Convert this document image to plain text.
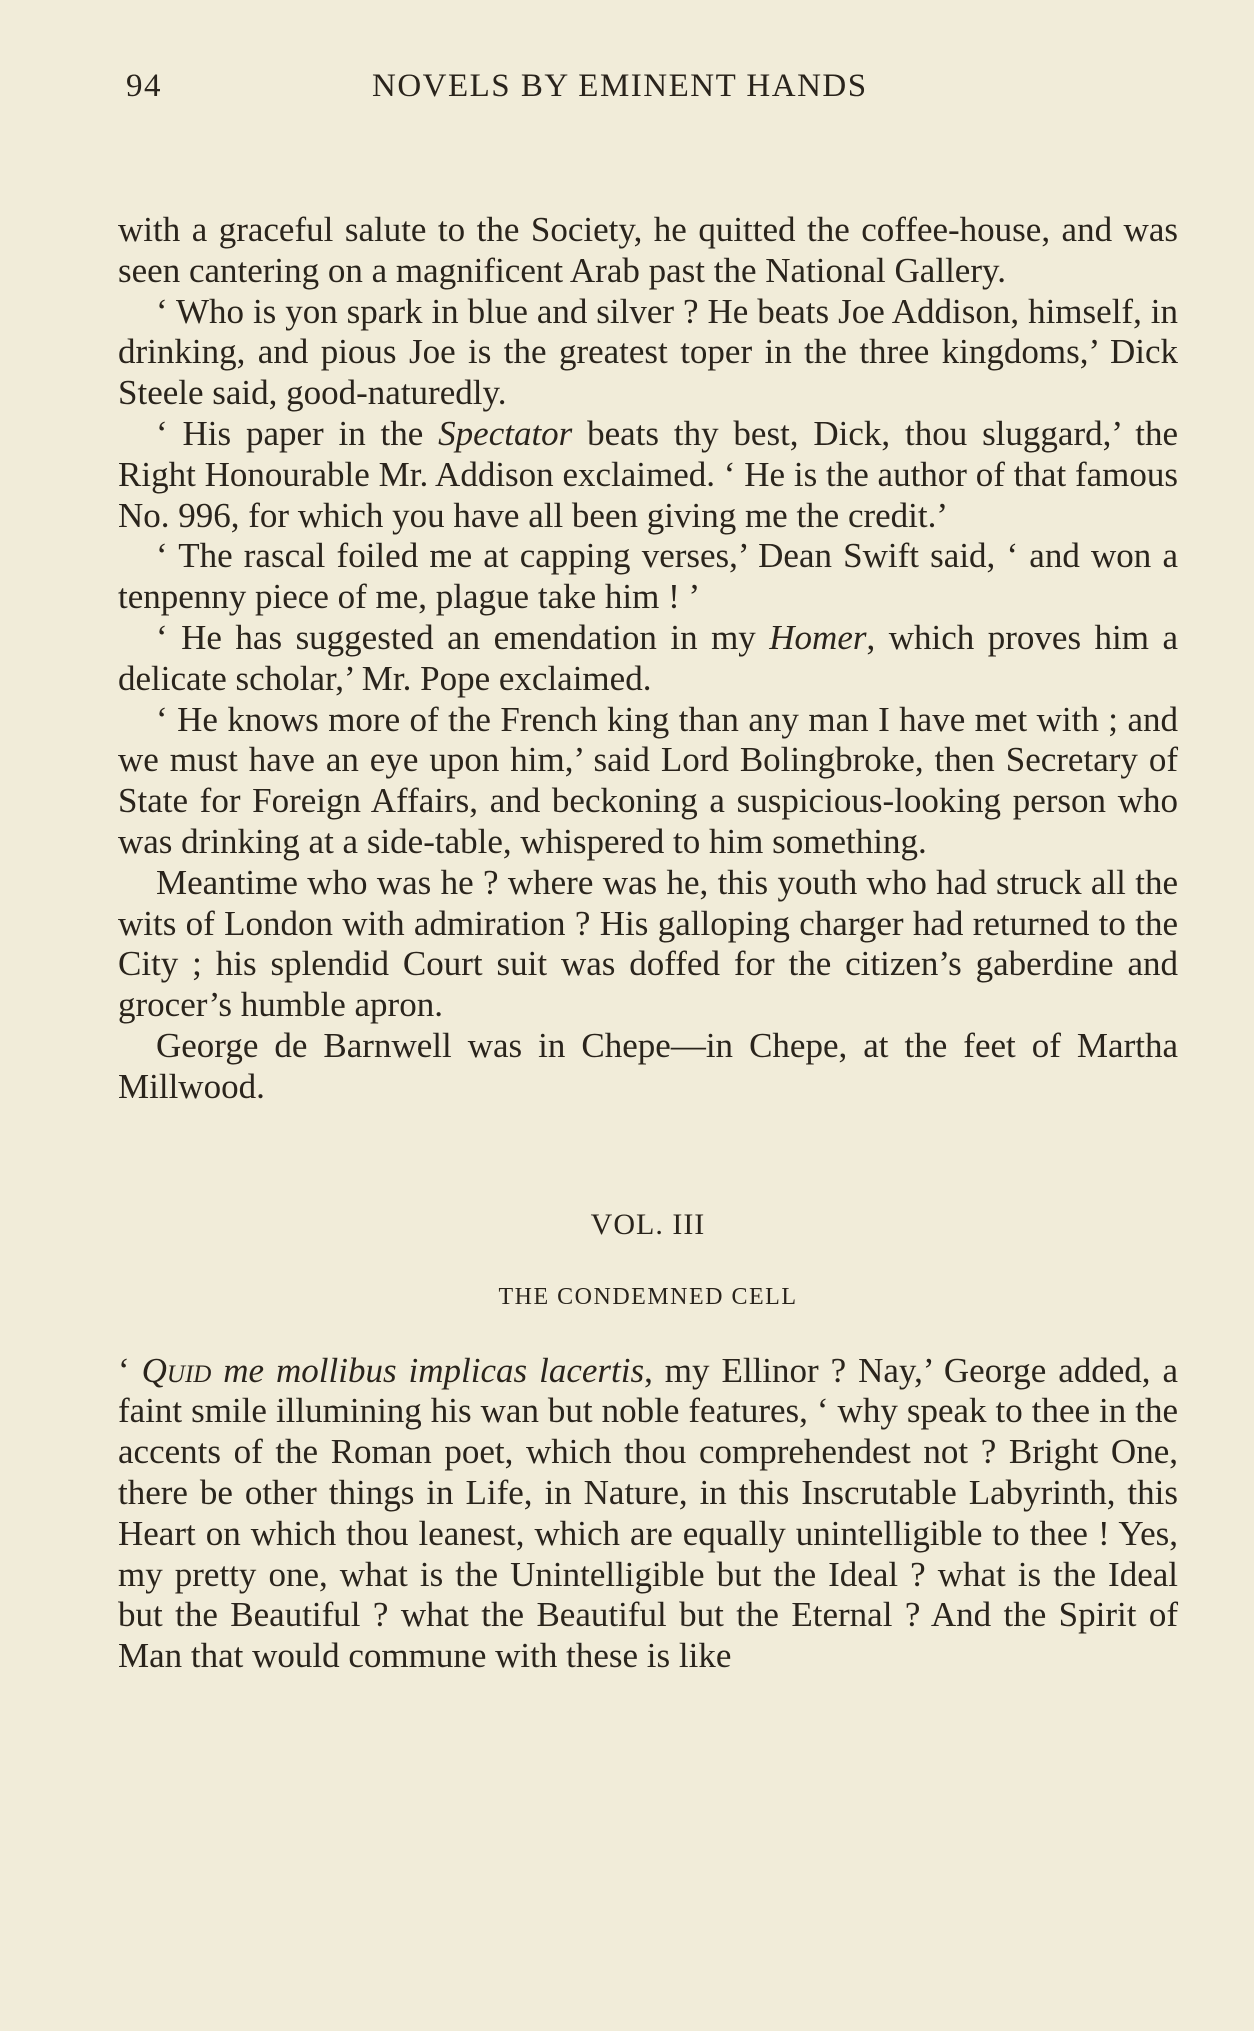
94	NOVELS BY EMINENT HANDS

with a graceful salute to the Society, he quitted the coffee-house, and was seen cantering on a magnificent Arab past the National Gallery.

‘ Who is yon spark in blue and silver ? He beats Joe Addison, himself, in drinking, and pious Joe is the greatest toper in the three kingdoms,’ Dick Steele said, good-naturedly.

‘ His paper in the Spectator beats thy best, Dick, thou sluggard,’ the Right Honourable Mr. Addison exclaimed. ‘ He is the author of that famous No. 996, for which you have all been giving me the credit.’

‘ The rascal foiled me at capping verses,’ Dean Swift said, ‘ and won a tenpenny piece of me, plague take him ! ’

‘ He has suggested an emendation in my Homer, which proves him a delicate scholar,’ Mr. Pope exclaimed.

‘ He knows more of the French king than any man I have met with ; and we must have an eye upon him,’ said Lord Bolingbroke, then Secretary of State for Foreign Affairs, and beckoning a suspicious-looking person who was drinking at a side-table, whispered to him something.

Meantime who was he ? where was he, this youth who had struck all the wits of London with admiration ? His galloping charger had returned to the City ; his splendid Court suit was doffed for the citizen’s gaberdine and grocer’s humble apron.

George de Barnwell was in Chepe—in Chepe, at the feet of Martha Millwood.

VOL. III
THE CONDEMNED CELL

‘ Quid me mollibus implicas lacertis, my Ellinor ? Nay,’ George added, a faint smile illumining his wan but noble features, ‘ why speak to thee in the accents of the Roman poet, which thou comprehendest not ? Bright One, there be other things in Life, in Nature, in this Inscrutable Labyrinth, this Heart on which thou leanest, which are equally unintelligible to thee ! Yes, my pretty one, what is the Unintelligible but the Ideal ? what is the Ideal but the Beautiful ? what the Beautiful but the Eternal ? And the Spirit of Man that would commune with these is like
